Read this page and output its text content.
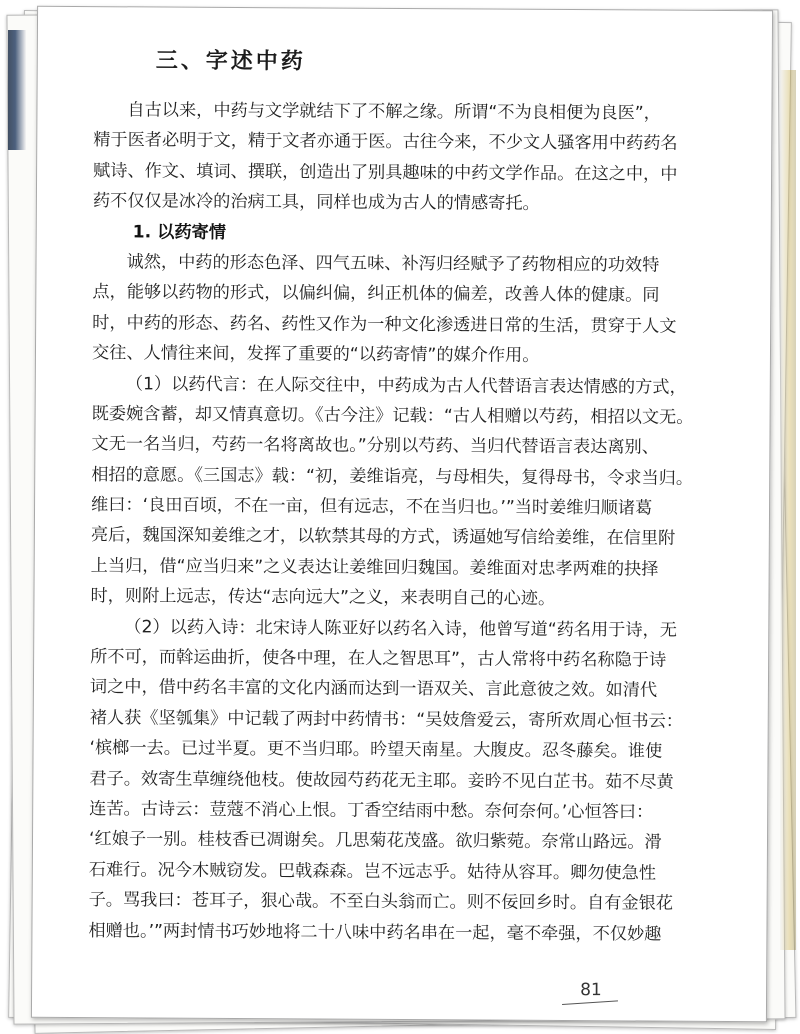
三、字述中药
自古以来，中药与文学就结下了不解之缘。所谓“不为良相便为良医”，
精于医者必明于文，精于文者亦通于医。古往今来，不少文人骚客用中药药名
赋诗、作文、填词、撰联，创造出了别具趣味的中药文学作品。在这之中，中
药不仅仅是冰冷的治病工具，同样也成为古人的情感寄托。
1. 以药寄情
诚然，中药的形态色泽、四气五味、补泻归经赋予了药物相应的功效特
点，能够以药物的形式，以偏纠偏，纠正机体的偏差，改善人体的健康。同
时，中药的形态、药名、药性又作为一种文化渗透进日常的生活，贯穿于人文
交往、人情往来间，发挥了重要的“以药寄情”的媒介作用。
（1）以药代言：在人际交往中，中药成为古人代替语言表达情感的方式，
既委婉含蓄，却又情真意切。《古今注》记载：“古人相赠以芍药，相招以文无。
文无一名当归，芍药一名将离故也。”分别以芍药、当归代替语言表达离别、
相招的意愿。《三国志》载：“初，姜维诣亮，与母相失，复得母书，令求当归。
维曰：‘良田百顷，不在一亩，但有远志，不在当归也。’”当时姜维归顺诸葛
亮后，魏国深知姜维之才，以软禁其母的方式，诱逼她写信给姜维，在信里附
上当归，借“应当归来”之义表达让姜维回归魏国。姜维面对忠孝两难的抉择
时，则附上远志，传达“志向远大”之义，来表明自己的心迹。
（2）以药入诗：北宋诗人陈亚好以药名入诗，他曾写道“药名用于诗，无
所不可，而斡运曲折，使各中理，在人之智思耳”，古人常将中药名称隐于诗
词之中，借中药名丰富的文化内涵而达到一语双关、言此意彼之效。如清代
褚人获《坚瓠集》中记载了两封中药情书：“吴妓詹爱云，寄所欢周心恒书云：
‘槟榔一去。已过半夏。更不当归耶。昑望天南星。大腹皮。忍冬藤矣。谁使
君子。效寄生草缠绕他枝。使故园芍药花无主耶。妾昑不见白芷书。茹不尽黄
连苦。古诗云：荳蔻不消心上恨。丁香空结雨中愁。奈何奈何。’心恒答曰：
‘红娘子一别。桂枝香已凋谢矣。几思菊花茂盛。欲归紫菀。奈常山路远。滑
石难行。况今木贼窃发。巴戟森森。岂不远志乎。姑待从容耳。卿勿使急性
子。骂我曰：苍耳子，狠心哉。不至白头翁而亡。则不佞回乡时。自有金银花
相赠也。’”两封情书巧妙地将二十八味中药名串在一起，毫不牵强，不仅妙趣
81
